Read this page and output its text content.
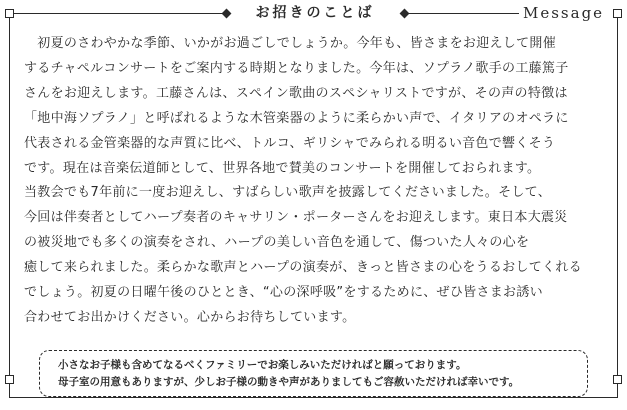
お招きのことば	Message

　初夏のさわやかな季節、いかがお過ごしでしょうか。今年も、皆さまをお迎えして開催
するチャペルコンサートをご案内する時期となりました。今年は、ソプラノ歌手の工藤篤子
さんをお迎えします。工藤さんは、スペイン歌曲のスペシャリストですが、その声の特徴は
「地中海ソプラノ」と呼ばれるような木管楽器のように柔らかい声で、イタリアのオペラに
代表される金管楽器的な声質に比べ、トルコ、ギリシャでみられる明るい音色で響くそう
です。現在は音楽伝道師として、世界各地で賛美のコンサートを開催しておられます。
当教会でも7年前に一度お迎えし、すばらしい歌声を披露してくださいました。そして、
今回は伴奏者としてハープ奏者のキャサリン・ポーターさんをお迎えします。東日本大震災
の被災地でも多くの演奏をされ、ハープの美しい音色を通して、傷ついた人々の心を
癒して来られました。柔らかな歌声とハープの演奏が、きっと皆さまの心をうるおしてくれる
でしょう。初夏の日曜午後のひととき、“心の深呼吸”をするために、ぜひ皆さまお誘い
合わせてお出かけください。心からお待ちしています。

小さなお子様も含めてなるべくファミリーでお楽しみいただければと願っております。
母子室の用意もありますが、少しお子様の動きや声がありましてもご容赦いただければ幸いです。
